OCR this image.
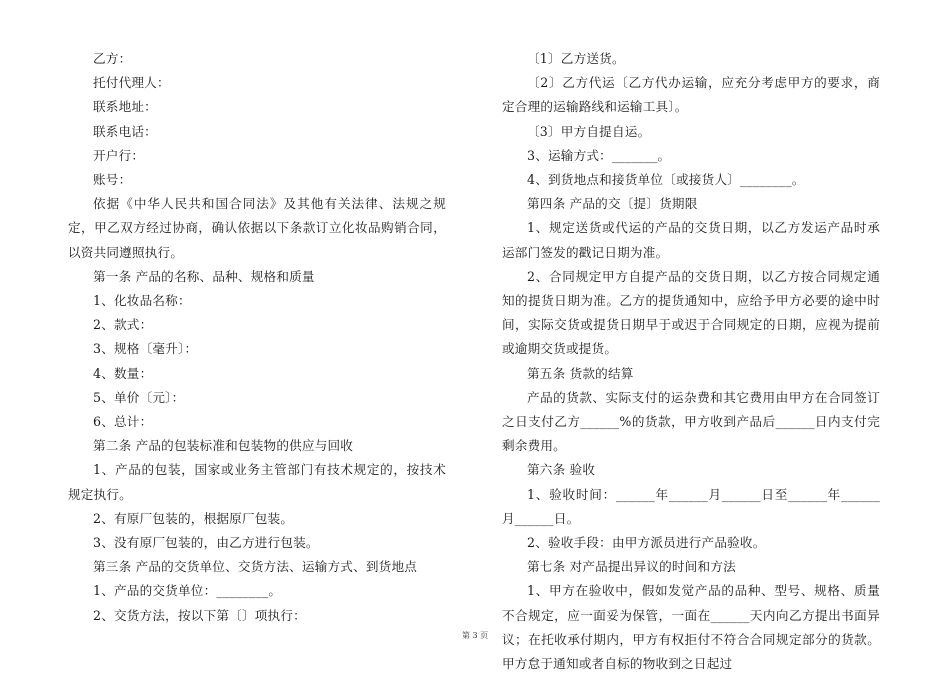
乙方：

托付代理人：

联系地址：

联系电话：

开户行：

账号：

依据《中华人民共和国合同法》及其他有关法律、法规之规定，甲乙双方经过协商，确认依据以下条款订立化妆品购销合同，以资共同遵照执行。

第一条 产品的名称、品种、规格和质量

1、化妆品名称：

2、款式：

3、规格〔毫升〕：

4、数量：

5、单价〔元〕：

6、总计：

第二条 产品的包装标准和包装物的供应与回收

1、产品的包装，国家或业务主管部门有技术规定的，按技术规定执行。

2、有原厂包装的，根据原厂包装。

3、没有原厂包装的，由乙方进行包装。

第三条 产品的交货单位、交货方法、运输方式、到货地点

1、产品的交货单位：________。

2、交货方法，按以下第〔〕项执行：

〔1〕乙方送货。

〔2〕乙方代运〔乙方代办运输，应充分考虑甲方的要求，商定合理的运输路线和运输工具〕。

〔3〕甲方自提自运。

3、运输方式：_______。

4、到货地点和接货单位〔或接货人〕________。

第四条 产品的交〔提〕货期限

1、规定送货或代运的产品的交货日期，以乙方发运产品时承运部门签发的戳记日期为准。

2、合同规定甲方自提产品的交货日期，以乙方按合同规定通知的提货日期为准。乙方的提货通知中，应给予甲方必要的途中时间，实际交货或提货日期早于或迟于合同规定的日期，应视为提前或逾期交货或提货。

第五条 货款的结算

产品的货款、实际支付的运杂费和其它费用由甲方在合同签订之日支付乙方______%的货款，甲方收到产品后______日内支付完剩余费用。

第六条 验收

1、验收时间：______年______月______日至______年______月______日。

2、验收手段：由甲方派员进行产品验收。

第七条 对产品提出异议的时间和方法

1、甲方在验收中，假如发觉产品的品种、型号、规格、质量不合规定，应一面妥为保管，一面在______天内向乙方提出书面异议；在托收承付期内，甲方有权拒付不符合合同规定部分的货款。甲方怠于通知或者自标的物收到之日起过

第 3 页
